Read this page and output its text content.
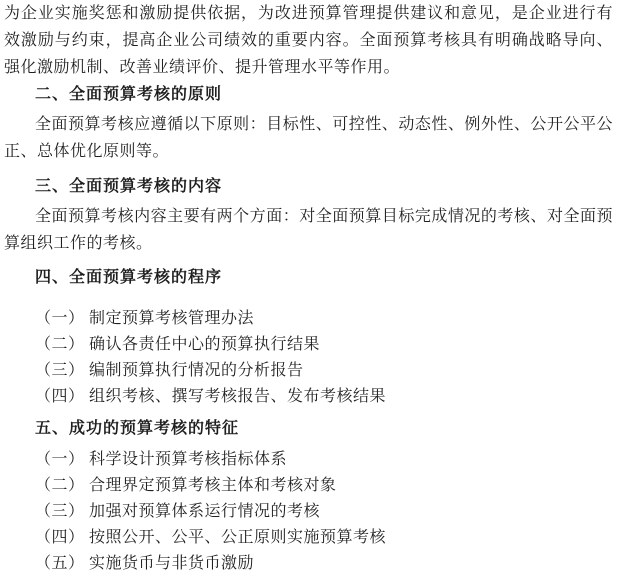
为企业实施奖惩和激励提供依据，为改进预算管理提供建议和意见，是企业进行有效激励与约束，提高企业公司绩效的重要内容。全面预算考核具有明确战略导向、强化激励机制、改善业绩评价、提升管理水平等作用。

二、全面预算考核的原则

全面预算考核应遵循以下原则：目标性、可控性、动态性、例外性、公开公平公正、总体优化原则等。

三、全面预算考核的内容

全面预算考核内容主要有两个方面：对全面预算目标完成情况的考核、对全面预算组织工作的考核。

四、全面预算考核的程序
（一） 制定预算考核管理办法
（二） 确认各责任中心的预算执行结果
（三） 编制预算执行情况的分析报告
（四） 组织考核、撰写考核报告、发布考核结果
五、成功的预算考核的特征
（一） 科学设计预算考核指标体系
（二） 合理界定预算考核主体和考核对象
（三） 加强对预算体系运行情况的考核
（四） 按照公开、公平、公正原则实施预算考核
（五） 实施货币与非货币激励
